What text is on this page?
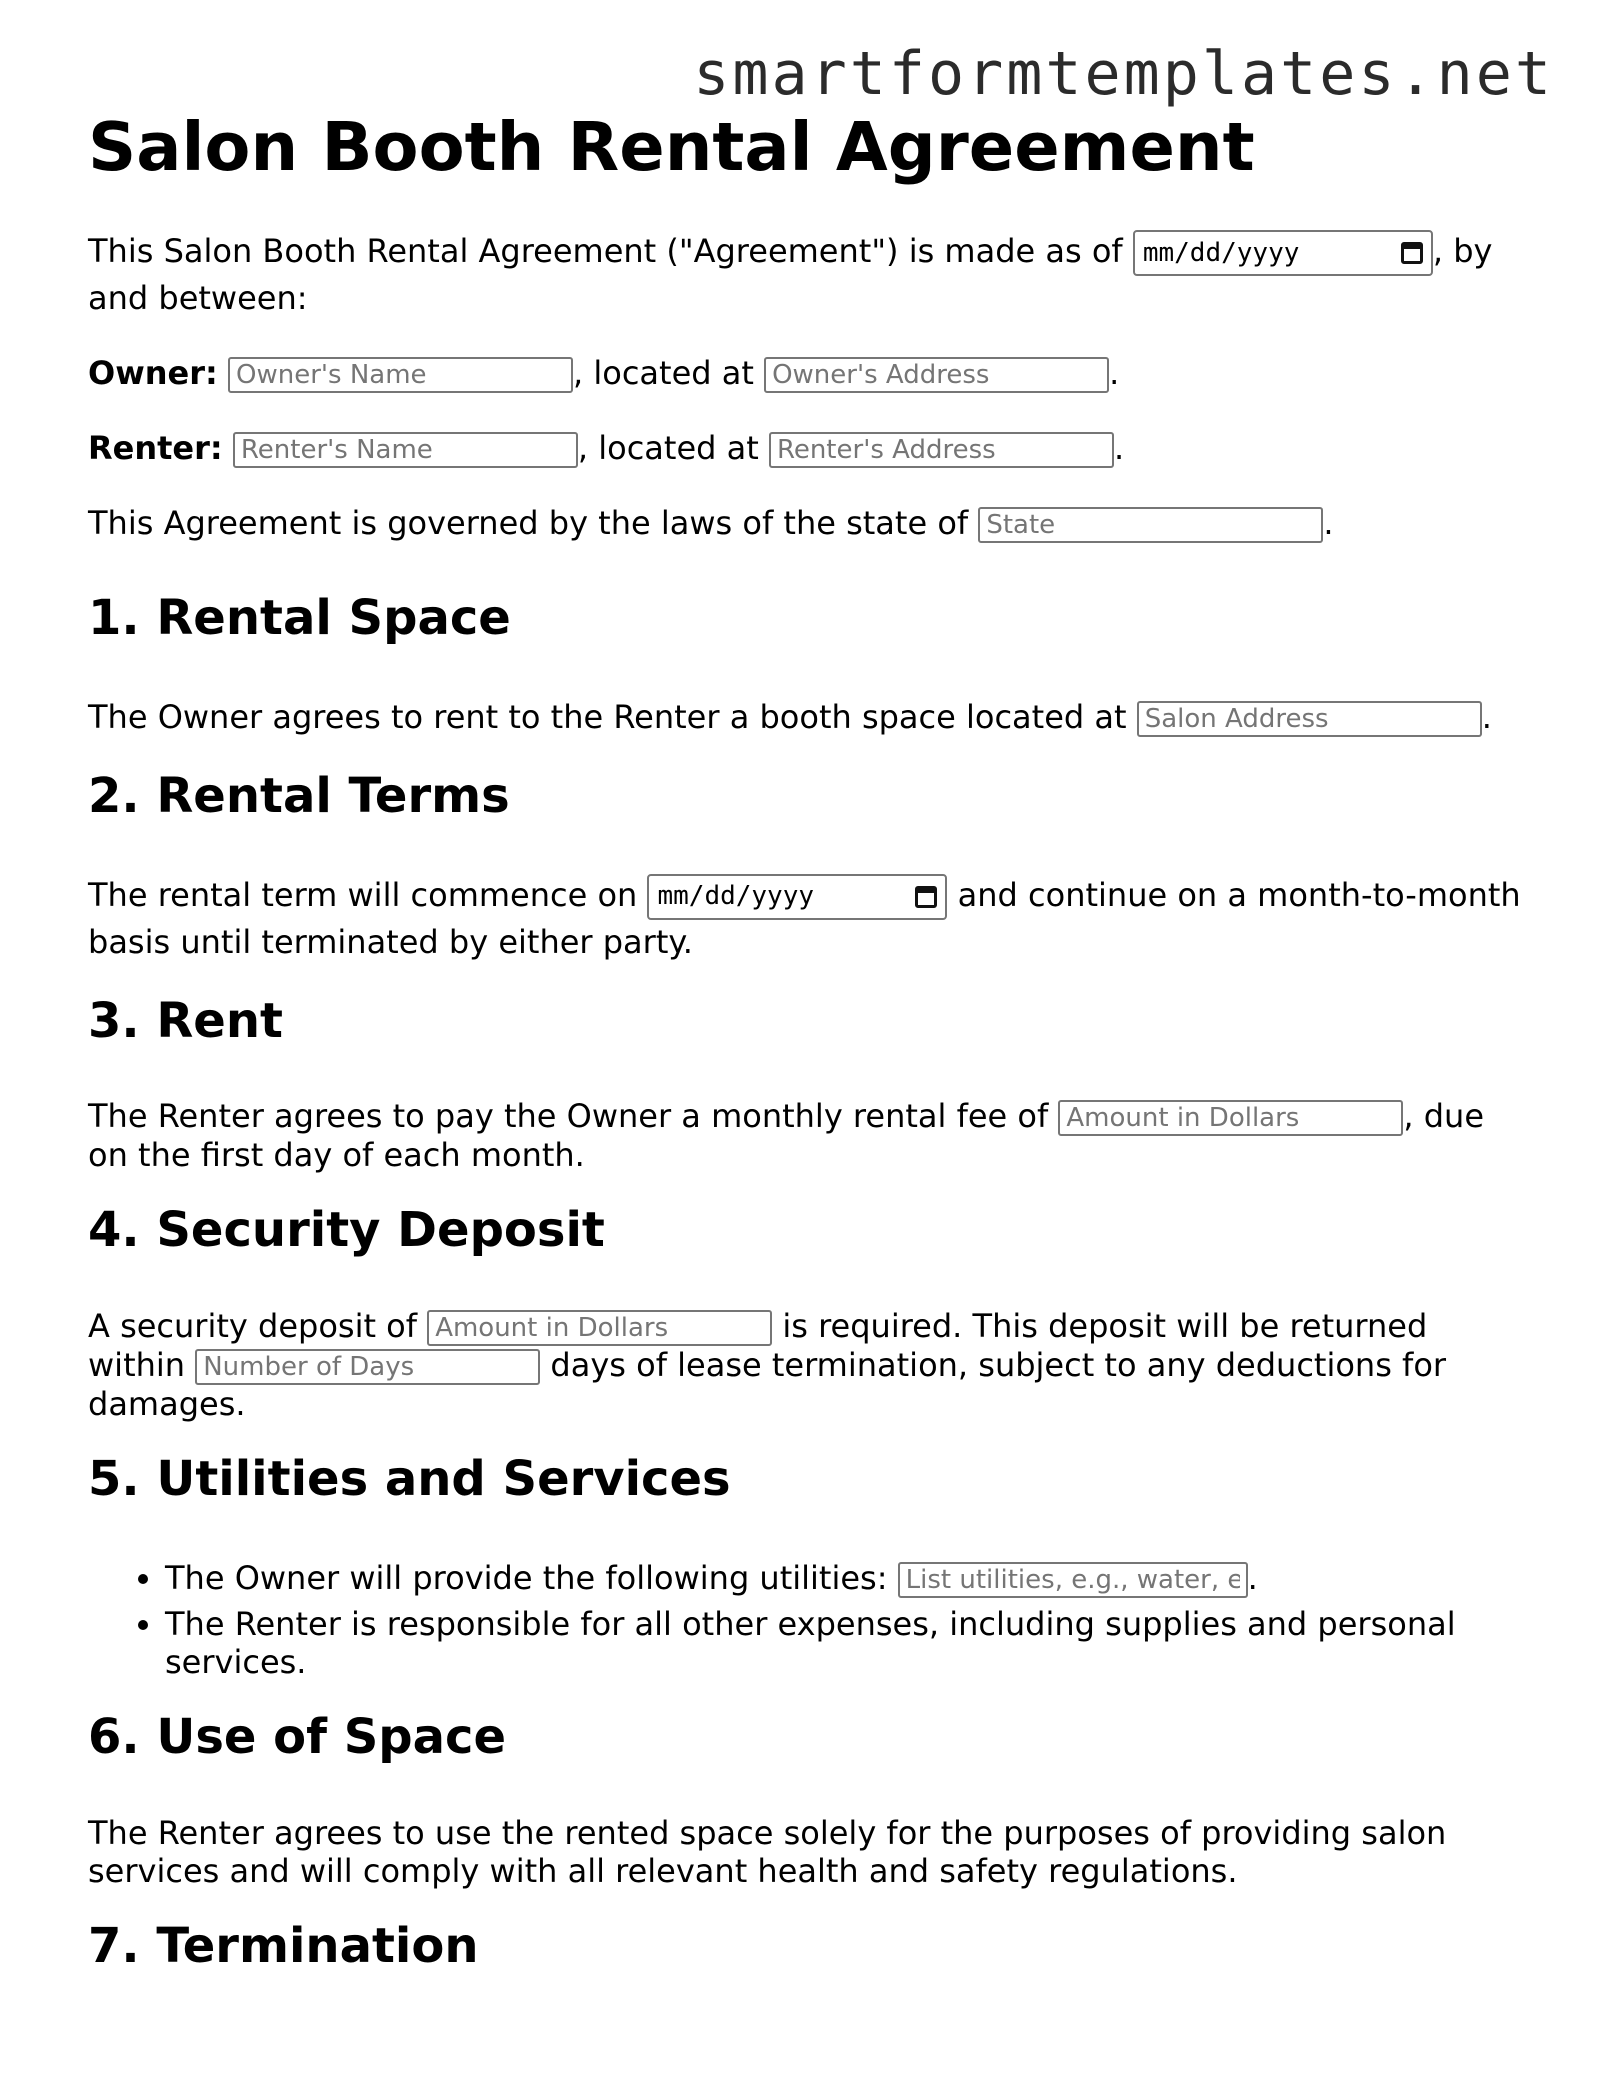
smartformtemplates.net
Salon Booth Rental Agreement

This Salon Booth Rental Agreement ("Agreement") is made as of mm/dd/yyyy	, by and between:

Owner: Owner's Name	, located at Owner's Address	.

Renter: Renter's Name	, located at Renter's Address	.

This Agreement is governed by the laws of the state of State	.

1. Rental Space

The Owner agrees to rent to the Renter a booth space located at Salon Address	.

2. Rental Terms

The rental term will commence on mm/dd/yyyy	and continue on a month-to-month basis until terminated by either party.

3. Rent

The Renter agrees to pay the Owner a monthly rental fee of Amount in Dollars	, due on the first day of each month.

4. Security Deposit

A security deposit of Amount in Dollars	is required. This deposit will be returned within Number of Days	days of lease termination, subject to any deductions for damages.

5. Utilities and Services
• The Owner will provide the following utilities: List utilities, e.g., water, electricity	.
• The Renter is responsible for all other expenses, including supplies and personal services.
6. Use of Space

The Renter agrees to use the rented space solely for the purposes of providing salon services and will comply with all relevant health and safety regulations.

7. Termination
